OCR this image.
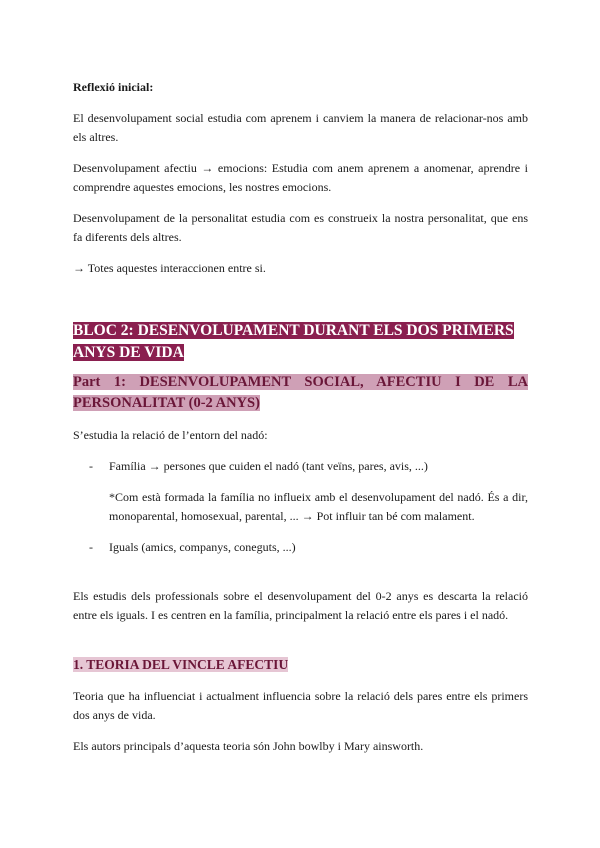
Reflexió inicial:

El desenvolupament social estudia com aprenem i canviem la manera de relacionar-nos amb els altres.

Desenvolupament afectiu → emocions: Estudia com anem aprenem a anomenar, aprendre i comprendre aquestes emocions, les nostres emocions.

Desenvolupament de la personalitat estudia com es construeix la nostra personalitat, que ens fa diferents dels altres.

→ Totes aquestes interaccionen entre si.

BLOC 2: DESENVOLUPAMENT DURANT ELS DOS PRIMERS ANYS DE VIDA
Part 1: DESENVOLUPAMENT SOCIAL, AFECTIU I DE LA PERSONALITAT (0-2 ANYS)

S’estudia la relació de l’entorn del nadó:

- Família → persones que cuiden el nadó (tant veïns, pares, avis, ...)

*Com està formada la família no influeix amb el desenvolupament del nadó. És a dir, monoparental, homosexual, parental, ... → Pot influir tan bé com malament.

- Iguals (amics, companys, coneguts, ...)

Els estudis dels professionals sobre el desenvolupament del 0-2 anys es descarta la relació entre els iguals. I es centren en la família, principalment la relació entre els pares i el nadó.

1. TEORIA DEL VINCLE AFECTIU

Teoria que ha influenciat i actualment influencia sobre la relació dels pares entre els primers dos anys de vida.

Els autors principals d’aquesta teoria són John bowlby i Mary ainsworth.
